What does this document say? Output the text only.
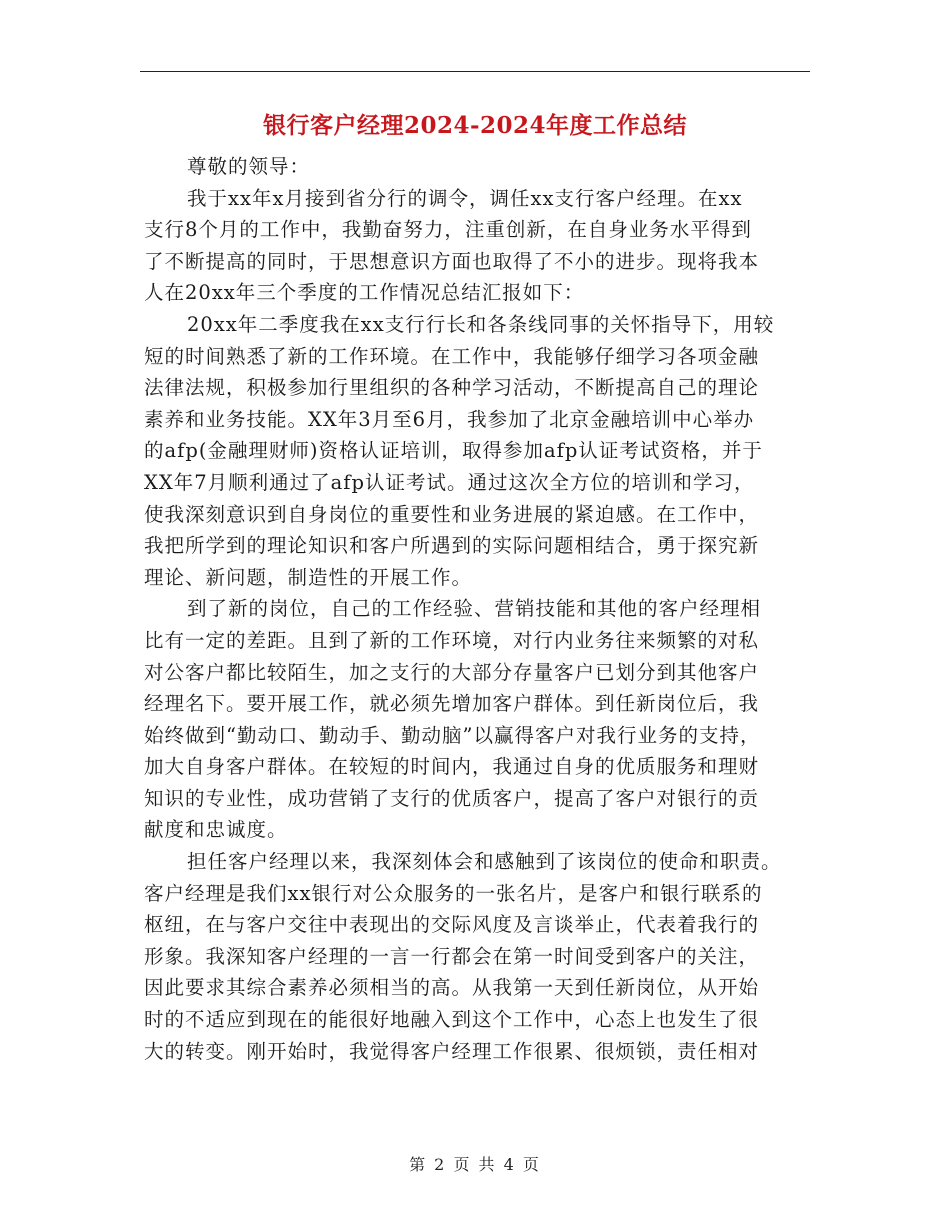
银行客户经理2024-2024年度工作总结

尊敬的领导：

我于xx年x月接到省分行的调令，调任xx支行客户经理。在xx

支行8个月的工作中，我勤奋努力，注重创新，在自身业务水平得到

了不断提高的同时，于思想意识方面也取得了不小的进步。现将我本

人在20xx年三个季度的工作情况总结汇报如下：

20xx年二季度我在xx支行行长和各条线同事的关怀指导下，用较

短的时间熟悉了新的工作环境。在工作中，我能够仔细学习各项金融

法律法规，积极参加行里组织的各种学习活动，不断提高自己的理论

素养和业务技能。XX年3月至6月，我参加了北京金融培训中心举办

的afp(金融理财师)资格认证培训，取得参加afp认证考试资格，并于

XX年7月顺利通过了afp认证考试。通过这次全方位的培训和学习，

使我深刻意识到自身岗位的重要性和业务进展的紧迫感。在工作中，

我把所学到的理论知识和客户所遇到的实际问题相结合，勇于探究新

理论、新问题，制造性的开展工作。

到了新的岗位，自己的工作经验、营销技能和其他的客户经理相

比有一定的差距。且到了新的工作环境，对行内业务往来频繁的对私

对公客户都比较陌生，加之支行的大部分存量客户已划分到其他客户

经理名下。要开展工作，就必须先增加客户群体。到任新岗位后，我

始终做到“勤动口、勤动手、勤动脑”以赢得客户对我行业务的支持，

加大自身客户群体。在较短的时间内，我通过自身的优质服务和理财

知识的专业性，成功营销了支行的优质客户，提高了客户对银行的贡

献度和忠诚度。

担任客户经理以来，我深刻体会和感触到了该岗位的使命和职责。

客户经理是我们xx银行对公众服务的一张名片，是客户和银行联系的

枢纽，在与客户交往中表现出的交际风度及言谈举止，代表着我行的

形象。我深知客户经理的一言一行都会在第一时间受到客户的关注，

因此要求其综合素养必须相当的高。从我第一天到任新岗位，从开始

时的不适应到现在的能很好地融入到这个工作中，心态上也发生了很

大的转变。刚开始时，我觉得客户经理工作很累、很烦锁，责任相对

第 2 页 共 4 页
